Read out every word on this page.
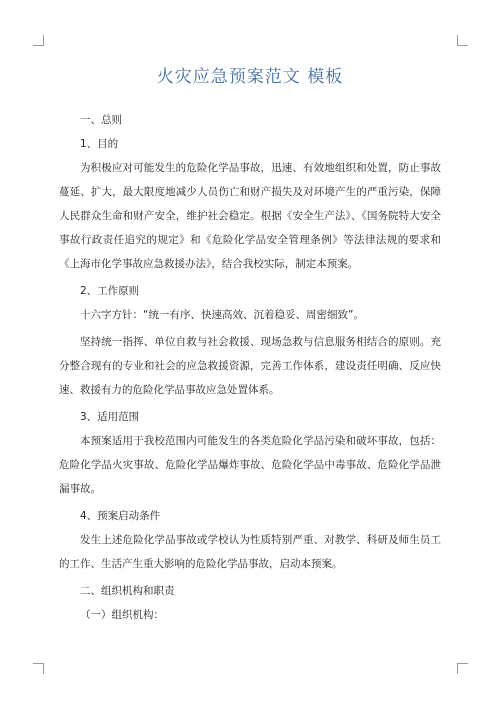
火灾应急预案范文 模板
一、总则
1、目的

为积极应对可能发生的危险化学品事故，迅速、有效地组织和处置，防止事故蔓延、扩大，最大限度地减少人员伤亡和财产损失及对环境产生的严重污染，保障人民群众生命和财产安全，维护社会稳定。根据《安全生产法》、《国务院特大安全事故行政责任追究的规定》和《危险化学品安全管理条例》等法律法规的要求和《上海市化学事故应急救援办法》，结合我校实际，制定本预案。

2、工作原则

十六字方针：“统一有序、快速高效、沉着稳妥、周密细致”。

坚持统一指挥、单位自救与社会救援、现场急救与信息服务相结合的原则。充分整合现有的专业和社会的应急救援资源，完善工作体系，建设责任明确、反应快速、救援有力的危险化学品事故应急处置体系。

3、适用范围

本预案适用于我校范围内可能发生的各类危险化学品污染和破坏事故，包括：危险化学品火灾事故、危险化学品爆炸事故、危险化学品中毒事故、危险化学品泄漏事故。

4、预案启动条件

发生上述危险化学品事故或学校认为性质特别严重、对教学、科研及师生员工的工作、生活产生重大影响的危险化学品事故，启动本预案。

二、组织机构和职责
（一）组织机构：
